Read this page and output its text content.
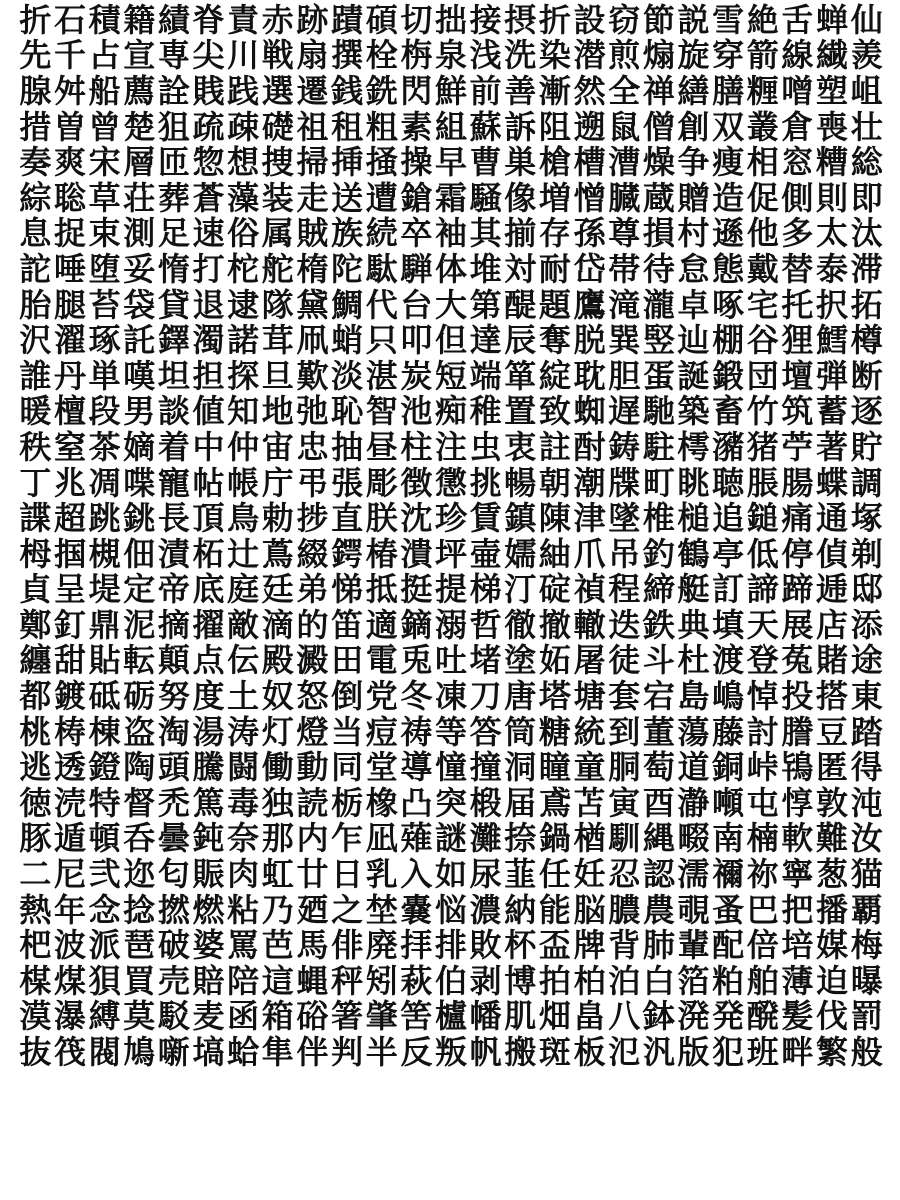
折 石 積 籍 績 脊 責 赤 跡 蹟 碩 切 拙 接 摂 折 設 窃 節 説 雪 絶 舌 蝉 仙
先 千 占 宣 専 尖 川 戦 扇 撰 栓 栴 泉 浅 洗 染 潜 煎 煽 旋 穿 箭 線 繊 羨
腺 舛 船 薦 詮 賎 践 選 遷 銭 銑 閃 鮮 前 善 漸 然 全 禅 繕 膳 糎 噌 塑 岨
措 曽 曾 楚 狙 疏 疎 礎 祖 租 粗 素 組 蘇 訴 阻 遡 鼠 僧 創 双 叢 倉 喪 壮
奏 爽 宋 層 匝 惣 想 捜 掃 挿 掻 操 早 曹 巣 槍 槽 漕 燥 争 痩 相 窓 糟 総
綜 聡 草 荘 葬 蒼 藻 装 走 送 遭 鎗 霜 騒 像 増 憎 臓 蔵 贈 造 促 側 則 即
息 捉 束 測 足 速 俗 属 賊 族 続 卒 袖 其 揃 存 孫 尊 損 村 遜 他 多 太 汰
詑 唾 堕 妥 惰 打 柁 舵 楕 陀 駄 騨 体 堆 対 耐 岱 帯 待 怠 態 戴 替 泰 滞
胎 腿 苔 袋 貸 退 逮 隊 黛 鯛 代 台 大 第 醍 題 鷹 滝 瀧 卓 啄 宅 托 択 拓
沢 濯 琢 託 鐸 濁 諾 茸 凧 蛸 只 叩 但 達 辰 奪 脱 巽 竪 辿 棚 谷 狸 鱈 樽
誰 丹 単 嘆 坦 担 探 旦 歎 淡 湛 炭 短 端 箪 綻 耽 胆 蛋 誕 鍛 団 壇 弾 断
暖 檀 段 男 談 値 知 地 弛 恥 智 池 痴 稚 置 致 蜘 遅 馳 築 畜 竹 筑 蓄 逐
秩 窒 茶 嫡 着 中 仲 宙 忠 抽 昼 柱 注 虫 衷 註 酎 鋳 駐 樗 瀦 猪 苧 著 貯
丁 兆 凋 喋 寵 帖 帳 庁 弔 張 彫 徴 懲 挑 暢 朝 潮 牒 町 眺 聴 脹 腸 蝶 調
諜 超 跳 銚 長 頂 鳥 勅 捗 直 朕 沈 珍 賃 鎮 陳 津 墜 椎 槌 追 鎚 痛 通 塚
栂 掴 槻 佃 漬 柘 辻 蔦 綴 鍔 椿 潰 坪 壷 嬬 紬 爪 吊 釣 鶴 亭 低 停 偵 剃
貞 呈 堤 定 帝 底 庭 廷 弟 悌 抵 挺 提 梯 汀 碇 禎 程 締 艇 訂 諦 蹄 逓 邸
鄭 釘 鼎 泥 摘 擢 敵 滴 的 笛 適 鏑 溺 哲 徹 撤 轍 迭 鉄 典 填 天 展 店 添
纏 甜 貼 転 顛 点 伝 殿 澱 田 電 兎 吐 堵 塗 妬 屠 徒 斗 杜 渡 登 菟 賭 途
都 鍍 砥 砺 努 度 土 奴 怒 倒 党 冬 凍 刀 唐 塔 塘 套 宕 島 嶋 悼 投 搭 東
桃 梼 棟 盗 淘 湯 涛 灯 燈 当 痘 祷 等 答 筒 糖 統 到 董 蕩 藤 討 謄 豆 踏
逃 透 鐙 陶 頭 騰 闘 働 動 同 堂 導 憧 撞 洞 瞳 童 胴 萄 道 銅 峠 鴇 匿 得
徳 涜 特 督 禿 篤 毒 独 読 栃 橡 凸 突 椴 届 鳶 苫 寅 酉 瀞 噸 屯 惇 敦 沌
豚 遁 頓 呑 曇 鈍 奈 那 内 乍 凪 薙 謎 灘 捺 鍋 楢 馴 縄 畷 南 楠 軟 難 汝
二 尼 弐 迩 匂 賑 肉 虹 廿 日 乳 入 如 尿 韮 任 妊 忍 認 濡 禰 祢 寧 葱 猫
熱 年 念 捻 撚 燃 粘 乃 廼 之 埜 嚢 悩 濃 納 能 脳 膿 農 覗 蚤 巴 把 播 覇
杷 波 派 琶 破 婆 罵 芭 馬 俳 廃 拝 排 敗 杯 盃 牌 背 肺 輩 配 倍 培 媒 梅
楳 煤 狽 買 売 賠 陪 這 蝿 秤 矧 萩 伯 剥 博 拍 柏 泊 白 箔 粕 舶 薄 迫 曝
漠 瀑 縛 莫 駁 麦 函 箱 硲 箸 肇 筈 櫨 幡 肌 畑 畠 八 鉢 溌 発 醗 髪 伐 罰
抜 筏 閥 鳩 噺 塙 蛤 隼 伴 判 半 反 叛 帆 搬 斑 板 氾 汎 版 犯 班 畔 繁 般
